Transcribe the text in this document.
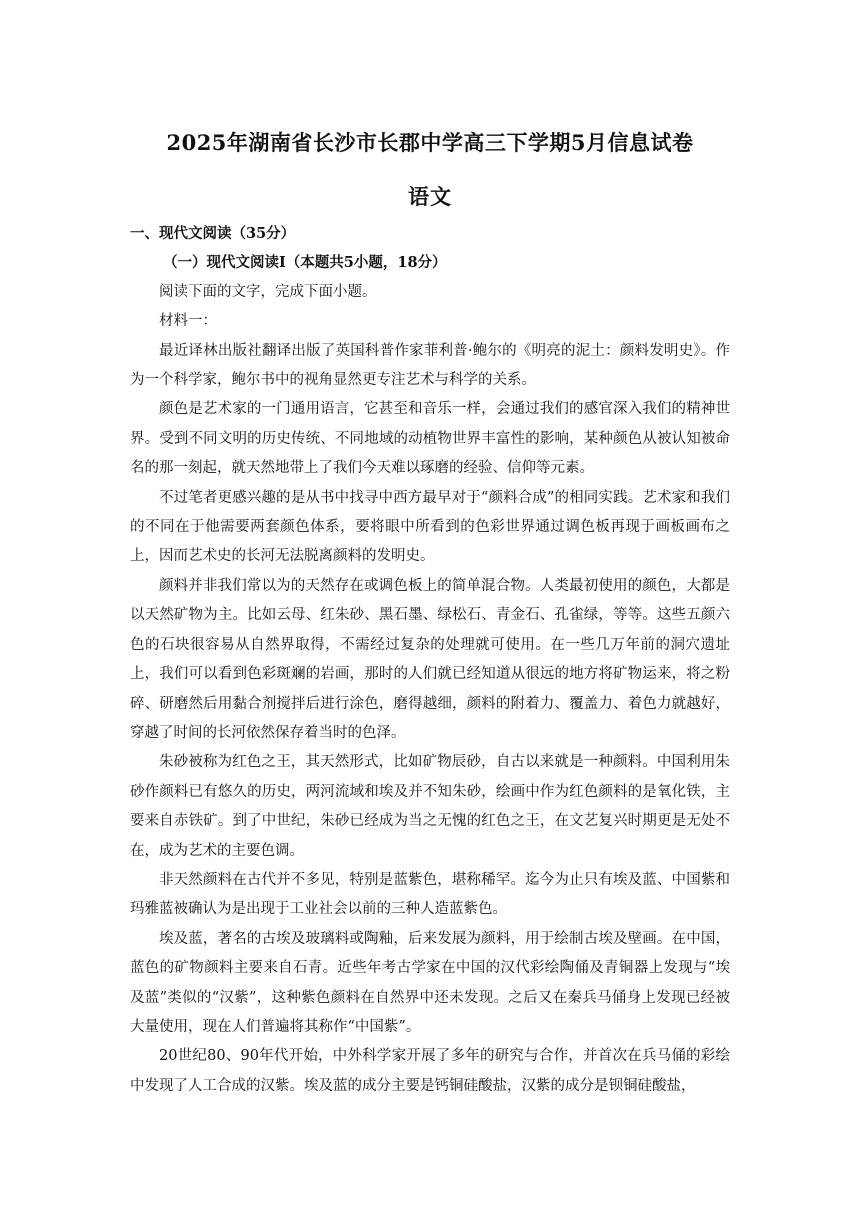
2025年湖南省长沙市长郡中学高三下学期5月信息试卷
语文

一、现代文阅读（35分）

（一）现代文阅读Ⅰ（本题共5小题，18分）

阅读下面的文字，完成下面小题。

材料一：

最近译林出版社翻译出版了英国科普作家菲利普·鲍尔的《明亮的泥土：颜料发明史》。作为一个科学家，鲍尔书中的视角显然更专注艺术与科学的关系。

颜色是艺术家的一门通用语言，它甚至和音乐一样，会通过我们的感官深入我们的精神世界。受到不同文明的历史传统、不同地域的动植物世界丰富性的影响，某种颜色从被认知被命名的那一刻起，就天然地带上了我们今天难以琢磨的经验、信仰等元素。

不过笔者更感兴趣的是从书中找寻中西方最早对于“颜料合成”的相同实践。艺术家和我们的不同在于他需要两套颜色体系，要将眼中所看到的色彩世界通过调色板再现于画板画布之上，因而艺术史的长河无法脱离颜料的发明史。

颜料并非我们常以为的天然存在或调色板上的简单混合物。人类最初使用的颜色，大都是以天然矿物为主。比如云母、红朱砂、黑石墨、绿松石、青金石、孔雀绿，等等。这些五颜六色的石块很容易从自然界取得，不需经过复杂的处理就可使用。在一些几万年前的洞穴遗址上，我们可以看到色彩斑斓的岩画，那时的人们就已经知道从很远的地方将矿物运来，将之粉碎、研磨然后用黏合剂搅拌后进行涂色，磨得越细，颜料的附着力、覆盖力、着色力就越好，穿越了时间的长河依然保存着当时的色泽。

朱砂被称为红色之王，其天然形式，比如矿物辰砂，自古以来就是一种颜料。中国利用朱砂作颜料已有悠久的历史，两河流域和埃及并不知朱砂，绘画中作为红色颜料的是氧化铁，主要来自赤铁矿。到了中世纪，朱砂已经成为当之无愧的红色之王，在文艺复兴时期更是无处不在，成为艺术的主要色调。

非天然颜料在古代并不多见，特别是蓝紫色，堪称稀罕。迄今为止只有埃及蓝、中国紫和玛雅蓝被确认为是出现于工业社会以前的三种人造蓝紫色。

埃及蓝，著名的古埃及玻璃料或陶釉，后来发展为颜料，用于绘制古埃及壁画。在中国，蓝色的矿物颜料主要来自石青。近些年考古学家在中国的汉代彩绘陶俑及青铜器上发现与“埃及蓝”类似的“汉紫”，这种紫色颜料在自然界中还未发现。之后又在秦兵马俑身上发现已经被大量使用，现在人们普遍将其称作“中国紫”。

20世纪80、90年代开始，中外科学家开展了多年的研究与合作，并首次在兵马俑的彩绘中发现了人工合成的汉紫。埃及蓝的成分主要是钙铜硅酸盐，汉紫的成分是钡铜硅酸盐，
